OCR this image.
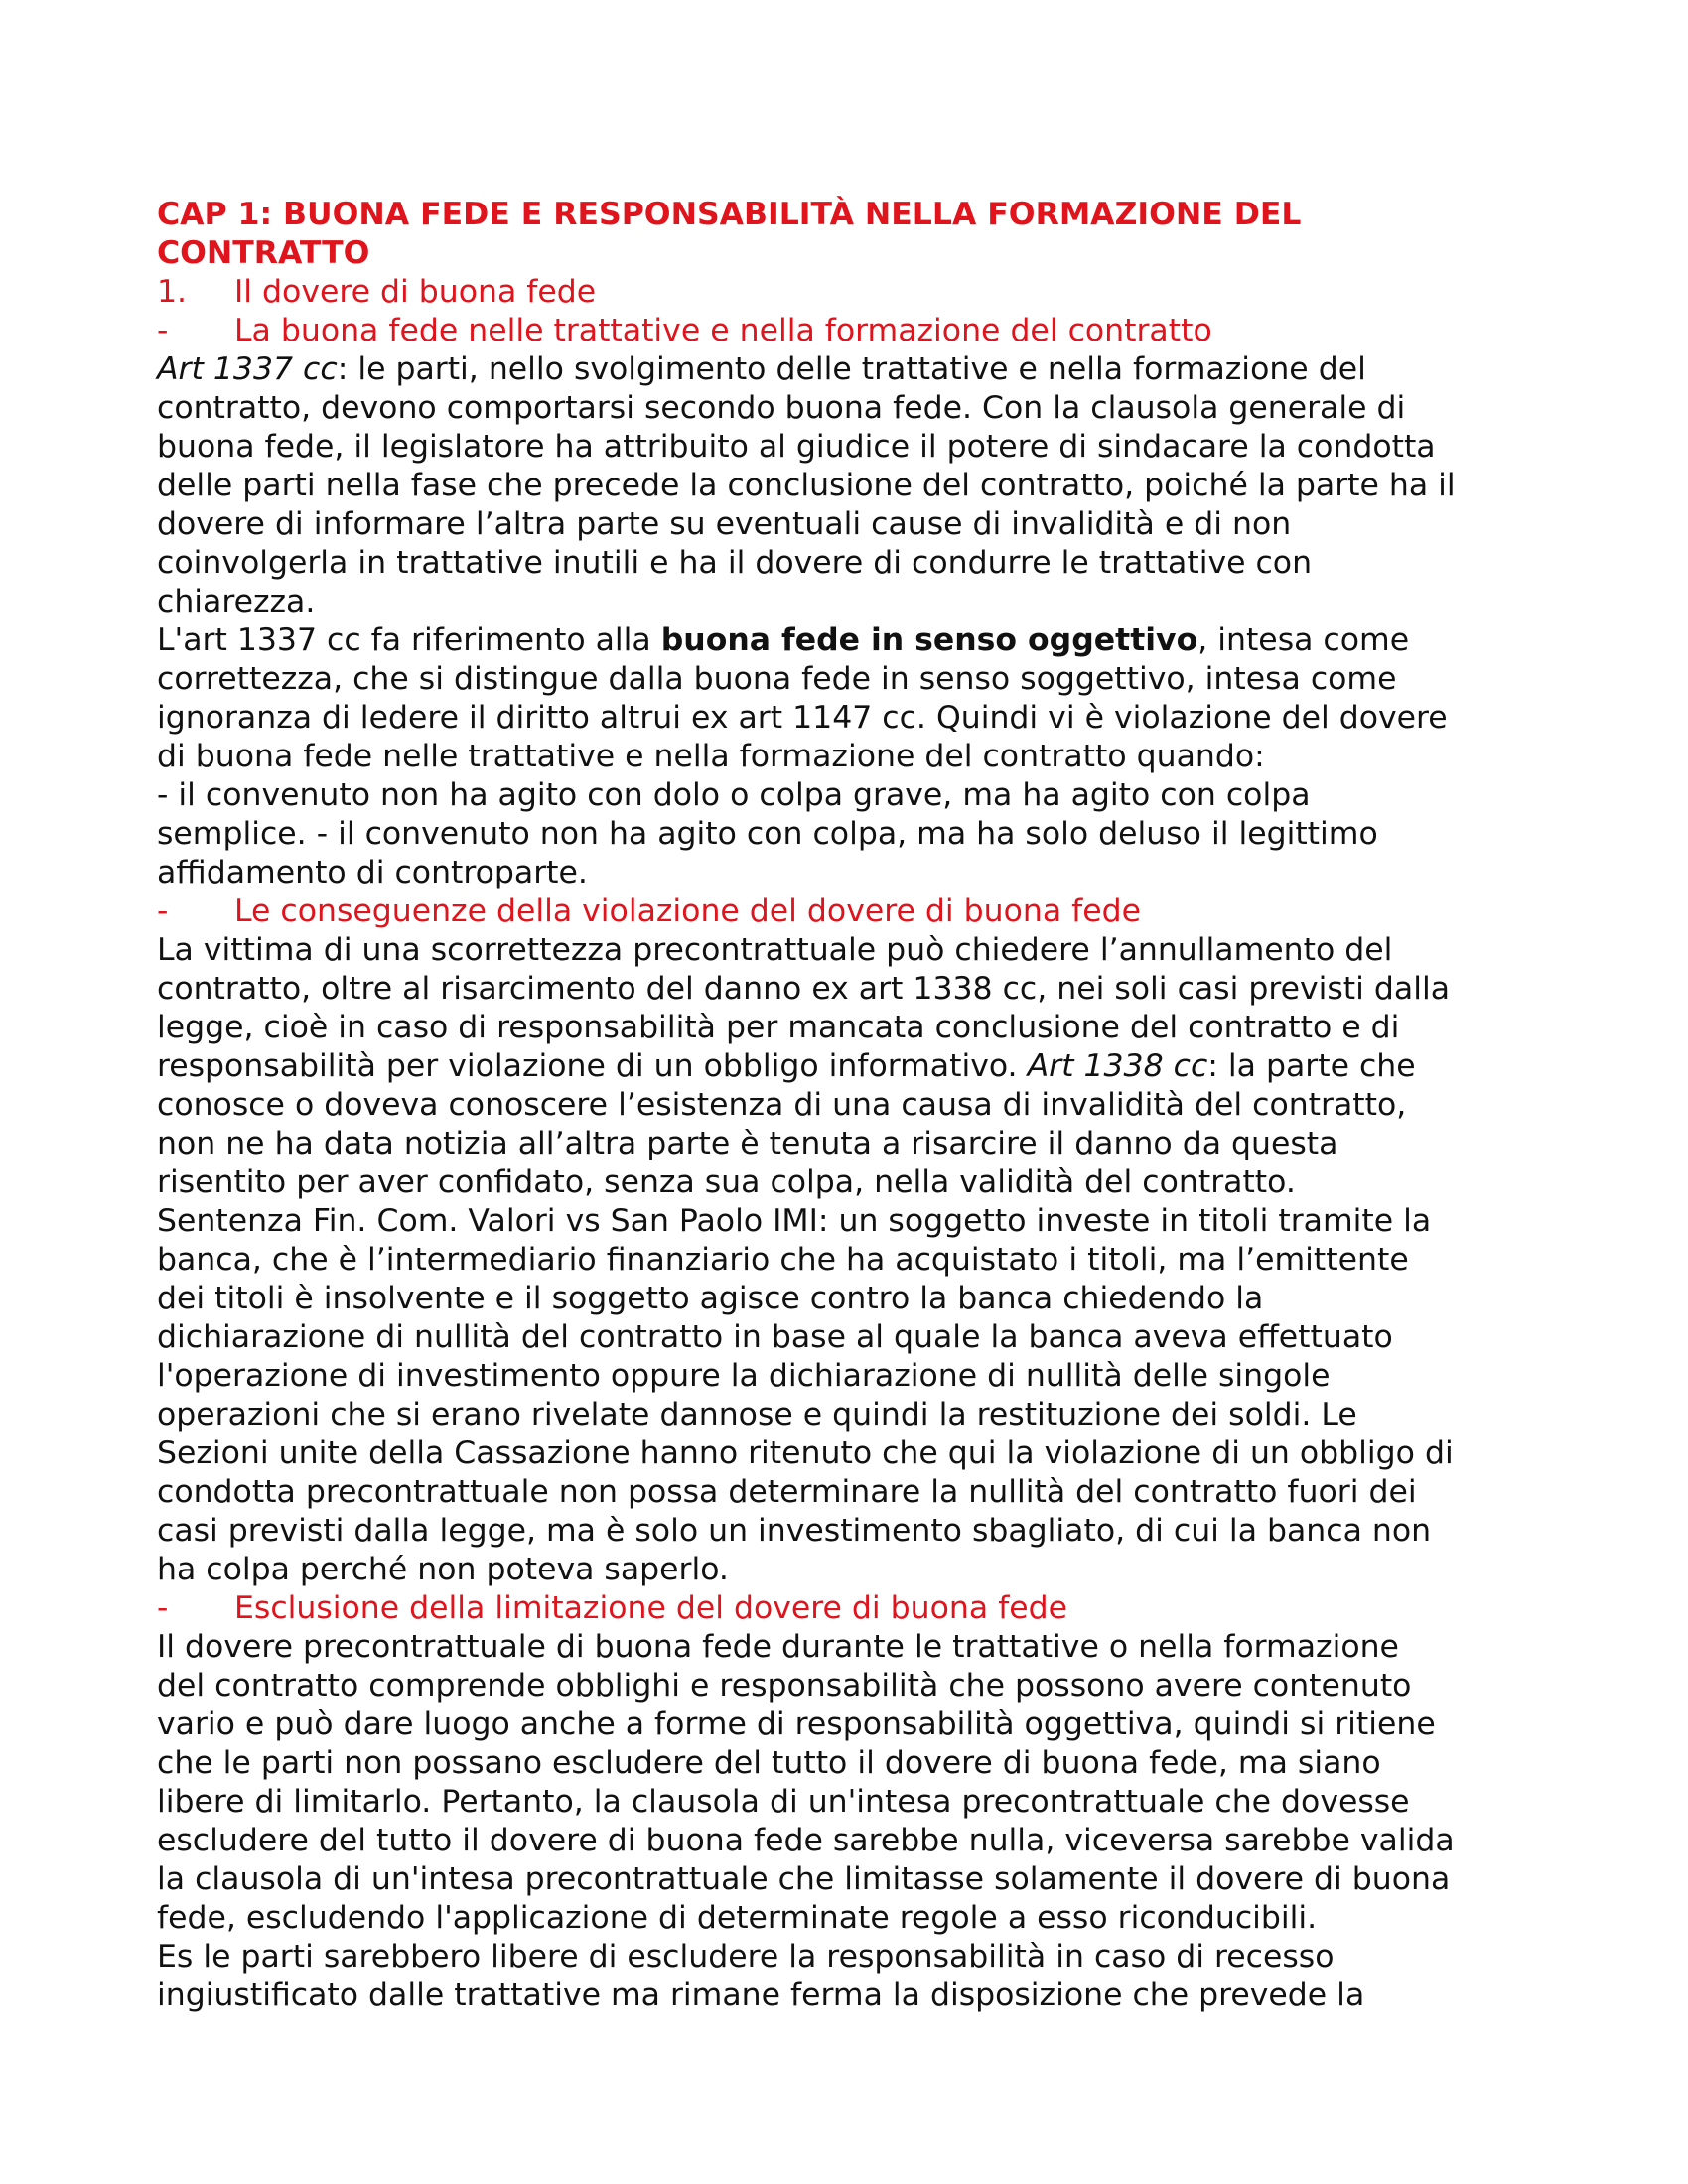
CAP 1: BUONA FEDE E RESPONSABILITÀ NELLA FORMAZIONE DEL
CONTRATTO
1.	Il dovere di buona fede
-	La buona fede nelle trattative e nella formazione del contratto
Art 1337 cc: le parti, nello svolgimento delle trattative e nella formazione del
contratto, devono comportarsi secondo buona fede. Con la clausola generale di
buona fede, il legislatore ha attribuito al giudice il potere di sindacare la condotta
delle parti nella fase che precede la conclusione del contratto, poiché la parte ha il
dovere di informare l’altra parte su eventuali cause di invalidità e di non
coinvolgerla in trattative inutili e ha il dovere di condurre le trattative con
chiarezza.
L'art 1337 cc fa riferimento alla buona fede in senso oggettivo, intesa come
correttezza, che si distingue dalla buona fede in senso soggettivo, intesa come
ignoranza di ledere il diritto altrui ex art 1147 cc. Quindi vi è violazione del dovere
di buona fede nelle trattative e nella formazione del contratto quando:
- il convenuto non ha agito con dolo o colpa grave, ma ha agito con colpa
semplice. - il convenuto non ha agito con colpa, ma ha solo deluso il legittimo
affidamento di controparte.
-	Le conseguenze della violazione del dovere di buona fede
La vittima di una scorrettezza precontrattuale può chiedere l’annullamento del
contratto, oltre al risarcimento del danno ex art 1338 cc, nei soli casi previsti dalla
legge, cioè in caso di responsabilità per mancata conclusione del contratto e di
responsabilità per violazione di un obbligo informativo. Art 1338 cc: la parte che
conosce o doveva conoscere l’esistenza di una causa di invalidità del contratto,
non ne ha data notizia all’altra parte è tenuta a risarcire il danno da questa
risentito per aver confidato, senza sua colpa, nella validità del contratto.
Sentenza Fin. Com. Valori vs San Paolo IMI: un soggetto investe in titoli tramite la
banca, che è l’intermediario finanziario che ha acquistato i titoli, ma l’emittente
dei titoli è insolvente e il soggetto agisce contro la banca chiedendo la
dichiarazione di nullità del contratto in base al quale la banca aveva effettuato
l'operazione di investimento oppure la dichiarazione di nullità delle singole
operazioni che si erano rivelate dannose e quindi la restituzione dei soldi. Le
Sezioni unite della Cassazione hanno ritenuto che qui la violazione di un obbligo di
condotta precontrattuale non possa determinare la nullità del contratto fuori dei
casi previsti dalla legge, ma è solo un investimento sbagliato, di cui la banca non
ha colpa perché non poteva saperlo.
-	Esclusione della limitazione del dovere di buona fede
Il dovere precontrattuale di buona fede durante le trattative o nella formazione
del contratto comprende obblighi e responsabilità che possono avere contenuto
vario e può dare luogo anche a forme di responsabilità oggettiva, quindi si ritiene
che le parti non possano escludere del tutto il dovere di buona fede, ma siano
libere di limitarlo. Pertanto, la clausola di un'intesa precontrattuale che dovesse
escludere del tutto il dovere di buona fede sarebbe nulla, viceversa sarebbe valida
la clausola di un'intesa precontrattuale che limitasse solamente il dovere di buona
fede, escludendo l'applicazione di determinate regole a esso riconducibili.
Es le parti sarebbero libere di escludere la responsabilità in caso di recesso
ingiustificato dalle trattative ma rimane ferma la disposizione che prevede la
